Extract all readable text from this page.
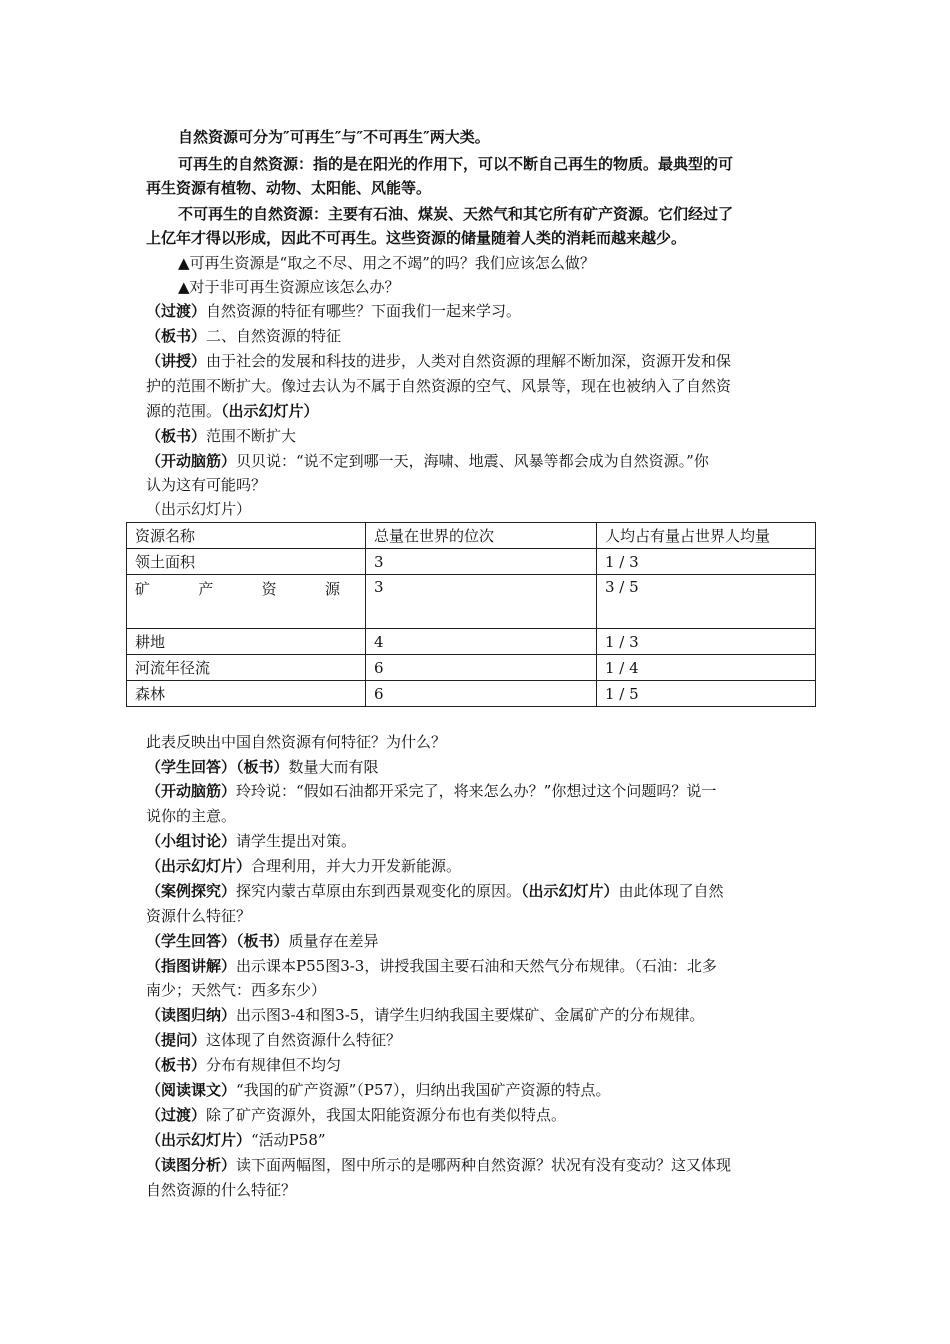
自然资源可分为″可再生″与″不可再生″两大类。
可再生的自然资源：指的是在阳光的作用下，可以不断自己再生的物质。最典型的可
再生资源有植物、动物、太阳能、风能等。
不可再生的自然资源：主要有石油、煤炭、天然气和其它所有矿产资源。它们经过了
上亿年才得以形成，因此不可再生。这些资源的储量随着人类的消耗而越来越少。
▲可再生资源是“取之不尽、用之不竭”的吗？我们应该怎么做？
▲对于非可再生资源应该怎么办？
（过渡）自然资源的特征有哪些？下面我们一起来学习。
（板书）二、自然资源的特征
（讲授）由于社会的发展和科技的进步，人类对自然资源的理解不断加深，资源开发和保
护的范围不断扩大。像过去认为不属于自然资源的空气、风景等，现在也被纳入了自然资
源的范围。（出示幻灯片）
（板书）范围不断扩大
（开动脑筋）贝贝说：“说不定到哪一天，海啸、地震、风暴等都会成为自然资源。”你
认为这有可能吗？
（出示幻灯片）
资源名称	总量在世界的位次	人均占有量占世界人均量
领土面积	3	1 / 3

矿 产 资 源	3	3 / 5
耕地	4	1 / 3
河流年径流	6	1 / 4
森林	6	1 / 5
此表反映出中国自然资源有何特征？为什么？
（学生回答）（板书）数量大而有限
（开动脑筋）玲玲说：“假如石油都开采完了，将来怎么办？”你想过这个问题吗？说一
说你的主意。
（小组讨论）请学生提出对策。
（出示幻灯片）合理利用，并大力开发新能源。
（案例探究）探究内蒙古草原由东到西景观变化的原因。（出示幻灯片）由此体现了自然
资源什么特征？
（学生回答）（板书）质量存在差异
（指图讲解）出示课本P55图3-3，讲授我国主要石油和天然气分布规律。（石油：北多
南少；天然气：西多东少）
（读图归纳）出示图3-4和图3-5，请学生归纳我国主要煤矿、金属矿产的分布规律。
（提问）这体现了自然资源什么特征？
（板书）分布有规律但不均匀
（阅读课文）“我国的矿产资源”（P57），归纳出我国矿产资源的特点。
（过渡）除了矿产资源外，我国太阳能资源分布也有类似特点。
（出示幻灯片）“活动P58”
（读图分析）读下面两幅图，图中所示的是哪两种自然资源？状况有没有变动？这又体现
自然资源的什么特征？
